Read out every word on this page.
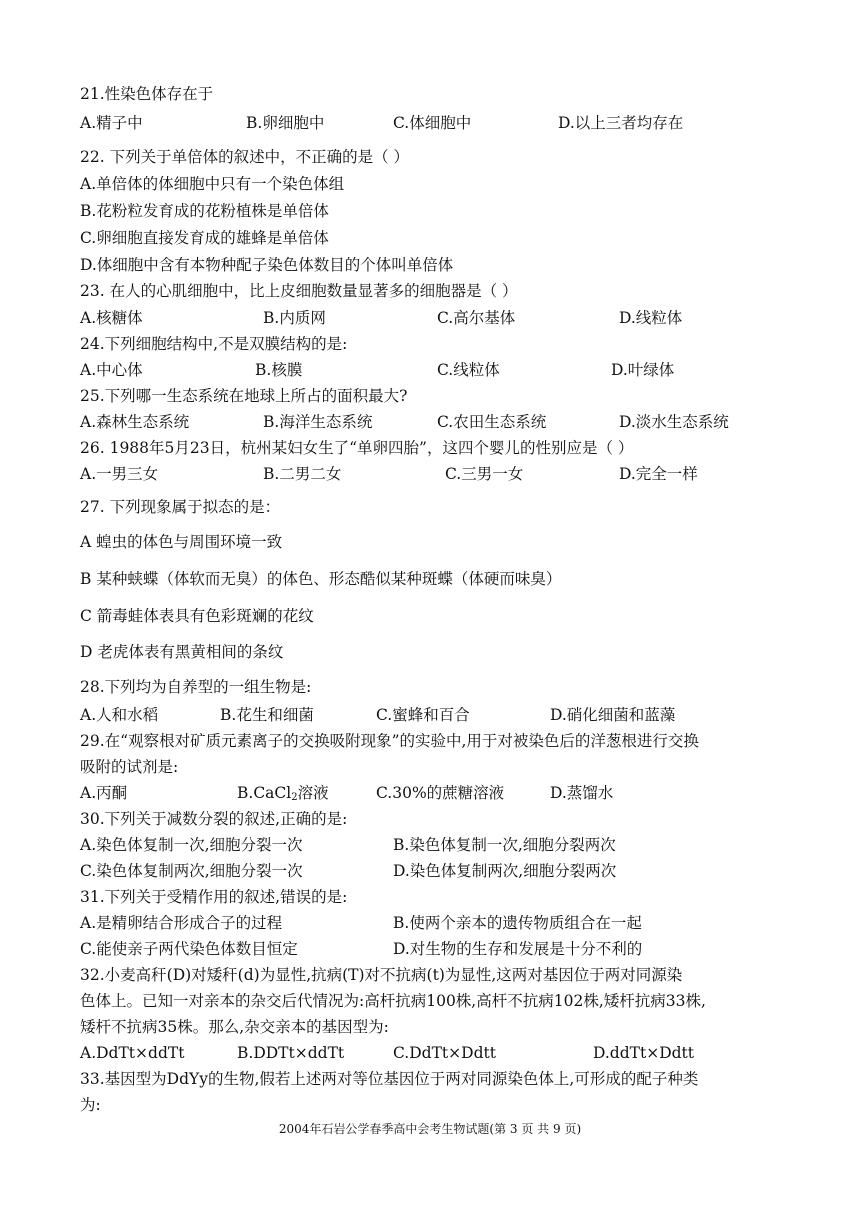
21.性染色体存在于
A.精子中	B.卵细胞中	C.体细胞中	D.以上三者均存在
22. 下列关于单倍体的叙述中，不正确的是（ ）
A.单倍体的体细胞中只有一个染色体组
B.花粉粒发育成的花粉植株是单倍体
C.卵细胞直接发育成的雄蜂是单倍体
D.体细胞中含有本物种配子染色体数目的个体叫单倍体
23. 在人的心肌细胞中，比上皮细胞数量显著多的细胞器是（ ）
A.核糖体	B.内质网	C.高尔基体	D.线粒体
24.下列细胞结构中,不是双膜结构的是:
A.中心体	B.核膜	C.线粒体	D.叶绿体
25.下列哪一生态系统在地球上所占的面积最大?
A.森林生态系统	B.海洋生态系统	C.农田生态系统	D.淡水生态系统
26. 1988年5月23日，杭州某妇女生了“单卵四胎”，这四个婴儿的性别应是（ ）
A.一男三女	B.二男二女	C.三男一女	D.完全一样
27. 下列现象属于拟态的是：
A 蝗虫的体色与周围环境一致
B 某种蛱蝶（体软而无臭）的体色、形态酷似某种斑蝶（体硬而味臭）
C 箭毒蛙体表具有色彩斑斓的花纹
D 老虎体表有黑黄相间的条纹
28.下列均为自养型的一组生物是:
A.人和水稻	B.花生和细菌	C.蜜蜂和百合	D.硝化细菌和蓝藻
29.在“观察根对矿质元素离子的交换吸附现象”的实验中,用于对被染色后的洋葱根进行交换
吸附的试剂是:
A.丙酮	B.CaCl$_2$溶液	C.30%的蔗糖溶液	D.蒸馏水
30.下列关于减数分裂的叙述,正确的是:
A.染色体复制一次,细胞分裂一次	B.染色体复制一次,细胞分裂两次
C.染色体复制两次,细胞分裂一次	D.染色体复制两次,细胞分裂两次
31.下列关于受精作用的叙述,错误的是:
A.是精卵结合形成合子的过程	B.使两个亲本的遗传物质组合在一起
C.能使亲子两代染色体数目恒定	D.对生物的生存和发展是十分不利的
32.小麦高秆(D)对矮秆(d)为显性,抗病(T)对不抗病(t)为显性,这两对基因位于两对同源染
色体上。已知一对亲本的杂交后代情况为:高杆抗病100株,高杆不抗病102株,矮杆抗病33株,
矮杆不抗病35株。那么,杂交亲本的基因型为:
A.DdTt×ddTt	B.DDTt×ddTt	C.DdTt×Ddtt	D.ddTt×Ddtt
33.基因型为DdYy的生物,假若上述两对等位基因位于两对同源染色体上,可形成的配子种类
为:
2004年石岩公学春季高中会考生物试题(第 3 页 共 9 页)
